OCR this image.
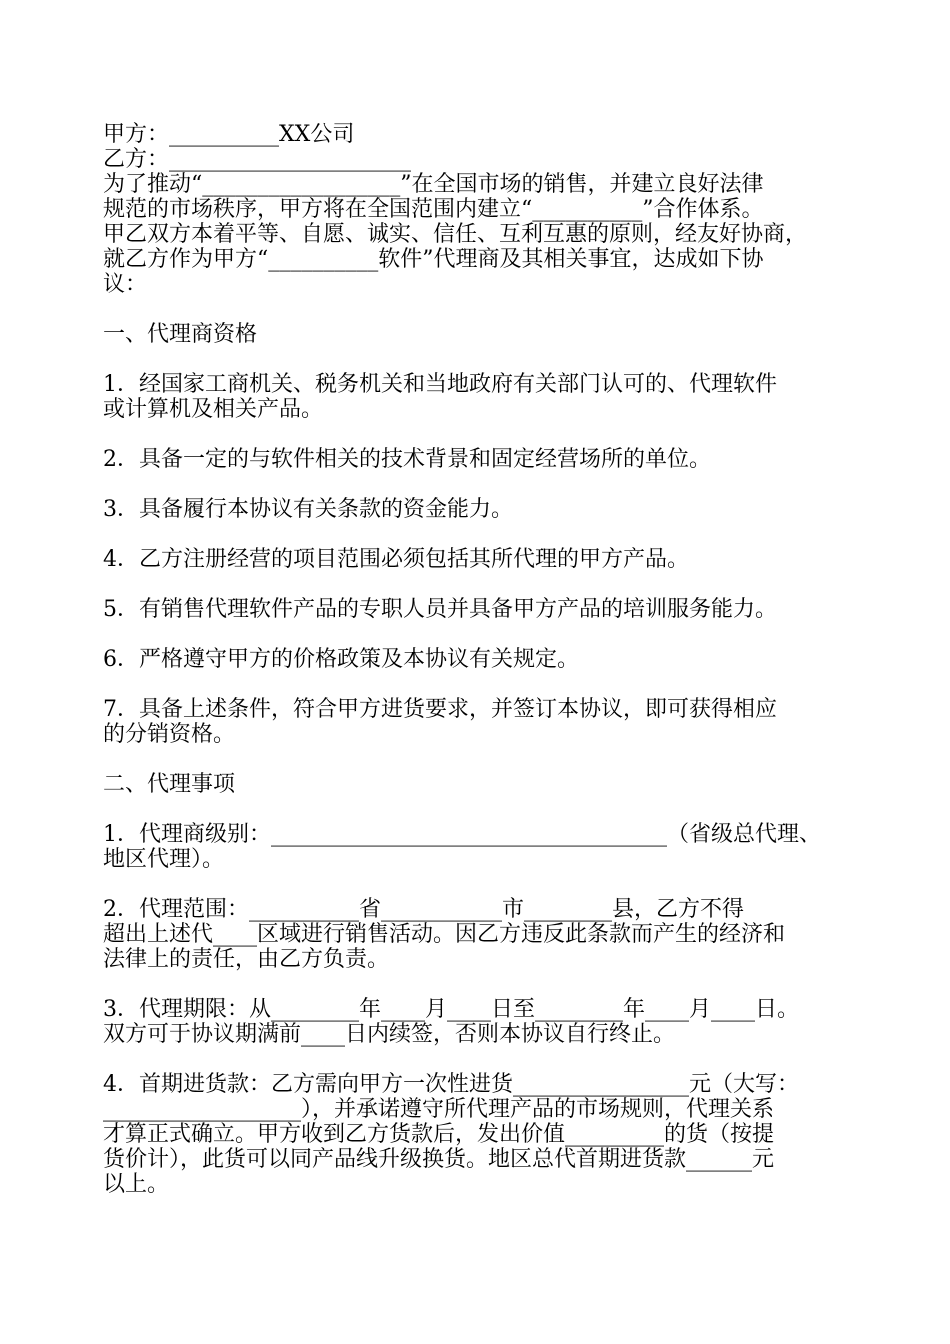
甲方：__________XX公司
乙方：______________________
为了推动“__________________”在全国市场的销售，并建立良好法律
规范的市场秩序，甲方将在全国范围内建立“__________”合作体系。
甲乙双方本着平等、自愿、诚实、信任、互利互惠的原则，经友好协商，
就乙方作为甲方“__________软件”代理商及其相关事宜，达成如下协
议：
一、代理商资格
1．经国家工商机关、税务机关和当地政府有关部门认可的、代理软件
或计算机及相关产品。
2．具备一定的与软件相关的技术背景和固定经营场所的单位。
3．具备履行本协议有关条款的资金能力。
4．乙方注册经营的项目范围必须包括其所代理的甲方产品。
5．有销售代理软件产品的专职人员并具备甲方产品的培训服务能力。
6．严格遵守甲方的价格政策及本协议有关规定。
7．具备上述条件，符合甲方进货要求，并签订本协议，即可获得相应
的分销资格。
二、代理事项
1．代理商级别：____________________________________（省级总代理、
地区代理）。
2．代理范围：__________省___________市________县，乙方不得
超出上述代____区域进行销售活动。因乙方违反此条款而产生的经济和
法律上的责任，由乙方负责。
3．代理期限：从________年____月____日至________年____月____日。
双方可于协议期满前____日内续签，否则本协议自行终止。
4．首期进货款：乙方需向甲方一次性进货________________元（大写：
__________________），并承诺遵守所代理产品的市场规则，代理关系
才算正式确立。甲方收到乙方货款后，发出价值_________的货（按提
货价计），此货可以同产品线升级换货。地区总代首期进货款______元
以上。
